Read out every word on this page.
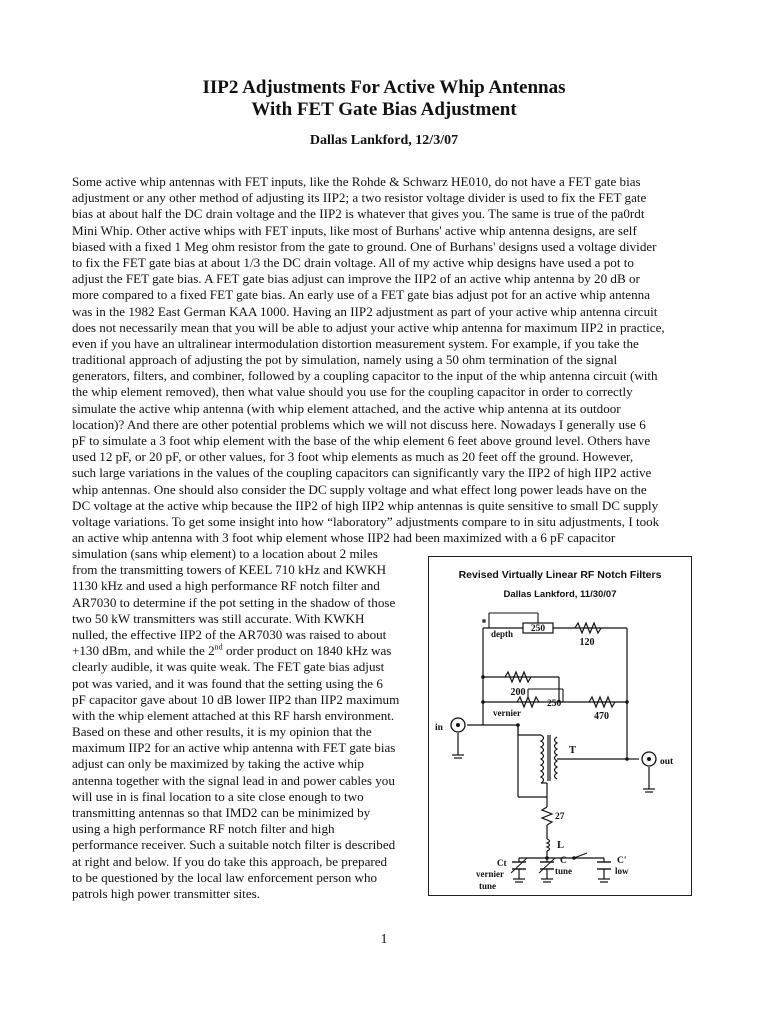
IIP2 Adjustments For Active Whip Antennas
With FET Gate Bias Adjustment
Dallas Lankford, 12/3/07
Some active whip antennas with FET inputs, like the Rohde & Schwarz HE010, do not have a FET gate bias
adjustment or any other method of adjusting its IIP2; a two resistor voltage divider is used to fix the FET gate
bias at about half the DC drain voltage and the IIP2 is whatever that gives you. The same is true of the pa0rdt
Mini Whip. Other active whips with FET inputs, like most of Burhans' active whip antenna designs, are self
biased with a fixed 1 Meg ohm resistor from the gate to ground. One of Burhans' designs used a voltage divider
to fix the FET gate bias at about 1/3 the DC drain voltage. All of my active whip designs have used a pot to
adjust the FET gate bias. A FET gate bias adjust can improve the IIP2 of an active whip antenna by 20 dB or
more compared to a fixed FET gate bias. An early use of a FET gate bias adjust pot for an active whip antenna
was in the 1982 East German KAA 1000. Having an IIP2 adjustment as part of your active whip antenna circuit
does not necessarily mean that you will be able to adjust your active whip antenna for maximum IIP2 in practice,
even if you have an ultralinear intermodulation distortion measurement system. For example, if you take the
traditional approach of adjusting the pot by simulation, namely using a 50 ohm termination of the signal
generators, filters, and combiner, followed by a coupling capacitor to the input of the whip antenna circuit (with
the whip element removed), then what value should you use for the coupling capacitor in order to correctly
simulate the active whip antenna (with whip element attached, and the active whip antenna at its outdoor
location)? And there are other potential problems which we will not discuss here. Nowadays I generally use 6
pF to simulate a 3 foot whip element with the base of the whip element 6 feet above ground level. Others have
used 12 pF, or 20 pF, or other values, for 3 foot whip elements as much as 20 feet off the ground. However,
such large variations in the values of the coupling capacitors can significantly vary the IIP2 of high IIP2 active
whip antennas. One should also consider the DC supply voltage and what effect long power leads have on the
DC voltage at the active whip because the IIP2 of high IIP2 whip antennas is quite sensitive to small DC supply
voltage variations. To get some insight into how “laboratory” adjustments compare to in situ adjustments, I took
an active whip antenna with 3 foot whip element whose IIP2 had been maximized with a 6 pF capacitor
simulation (sans whip element) to a location about 2 miles
from the transmitting towers of KEEL 710 kHz and KWKH
1130 kHz and used a high performance RF notch filter and
AR7030 to determine if the pot setting in the shadow of those
two 50 kW transmitters was still accurate. With KWKH
nulled, the effective IIP2 of the AR7030 was raised to about
+130 dBm, and while the 2nd order product on 1840 kHz was
clearly audible, it was quite weak. The FET gate bias adjust
pot was varied, and it was found that the setting using the 6
pF capacitor gave about 10 dB lower IIP2 than IIP2 maximum
with the whip element attached at this RF harsh environment.
Based on these and other results, it is my opinion that the
maximum IIP2 for an active whip antenna with FET gate bias
adjust can only be maximized by taking the active whip
antenna together with the signal lead in and power cables you
will use in is final location to a site close enough to two
transmitting antennas so that IMD2 can be minimized by
using a high performance RF notch filter and high
performance receiver. Such a suitable notch filter is described
at right and below. If you do take this approach, be prepared
to be questioned by the local law enforcement person who
patrols high power transmitter sites.
Revised Virtually Linear RF Notch Filters
Dallas Lankford, 11/30/07
depth 250
120
200
vernier
250
470
in
T
out
27
L
Ct
vernier
tune
C
tune
C'
low
1
